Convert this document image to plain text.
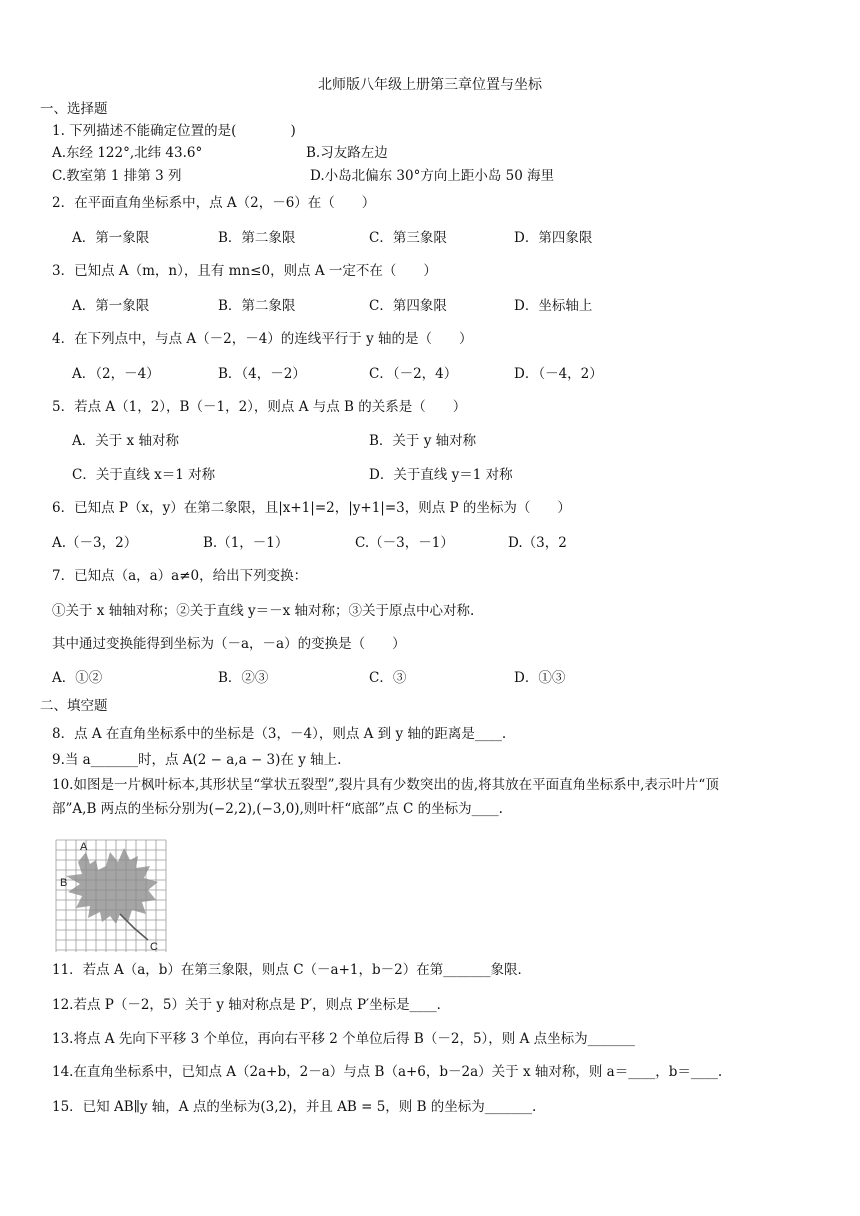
北师版八年级上册第三章位置与坐标
一、选择题
1. 下列描述不能确定位置的是(　　　　)
A.东经 122°,北纬 43.6°	B.习友路左边
C.教室第 1 排第 3 列	D.小岛北偏东 30°方向上距小岛 50 海里
2．在平面直角坐标系中，点 A（2，－6）在（　　）
A．第一象限	B．第二象限	C．第三象限	D．第四象限
3．已知点 A（m，n），且有 mn≤0，则点 A 一定不在（　　）
A．第一象限	B．第二象限	C．第四象限	D．坐标轴上
4．在下列点中，与点 A（－2，－4）的连线平行于 y 轴的是（　　）
A．（2，－4）	B．（4，－2）	C．（－2，4）	D．（－4，2）
5．若点 A（1，2），B（－1，2），则点 A 与点 B 的关系是（　　）
A．关于 x 轴对称	B．关于 y 轴对称
C．关于直线 x＝1 对称	D．关于直线 y＝1 对称
6．已知点 P（x，y）在第二象限，且|x+1|=2，|y+1|=3，则点 P 的坐标为（　　）
A.（－3，2）	B.（1，－1）	C.（－3，－1）	D.（3，2
7．已知点（a，a）a≠0，给出下列变换：
①关于 x 轴轴对称；②关于直线 y＝－x 轴对称；③关于原点中心对称.
其中通过变换能得到坐标为（－a，－a）的变换是（　　）
A．①②	B．②③	C．③	D．①③
二、填空题
8．点 A 在直角坐标系中的坐标是（3，－4），则点 A 到 y 轴的距离是____.
9.当 a_______时，点 A(2 − a,a − 3)在 y 轴上.
10.如图是一片枫叶标本,其形状呈“掌状五裂型”,裂片具有少数突出的齿,将其放在平面直角坐标系中,表示叶片“顶
部”A,B 两点的坐标分别为(−2,2),(−3,0),则叶杆“底部”点 C 的坐标为____.
A
B
C
11．若点 A（a，b）在第三象限，则点 C（－a+1，b－2）在第_______象限．
12.若点 P（－2，5）关于 y 轴对称点是 P′，则点 P′坐标是____．
13.将点 A 先向下平移 3 个单位，再向右平移 2 个单位后得 B（－2，5），则 A 点坐标为_______
14.在直角坐标系中，已知点 A（2a+b，2－a）与点 B（a+6，b－2a）关于 x 轴对称，则 a＝____，b＝____.
15．已知 AB∥y 轴，A 点的坐标为(3,2)，并且 AB = 5，则 B 的坐标为_______.
